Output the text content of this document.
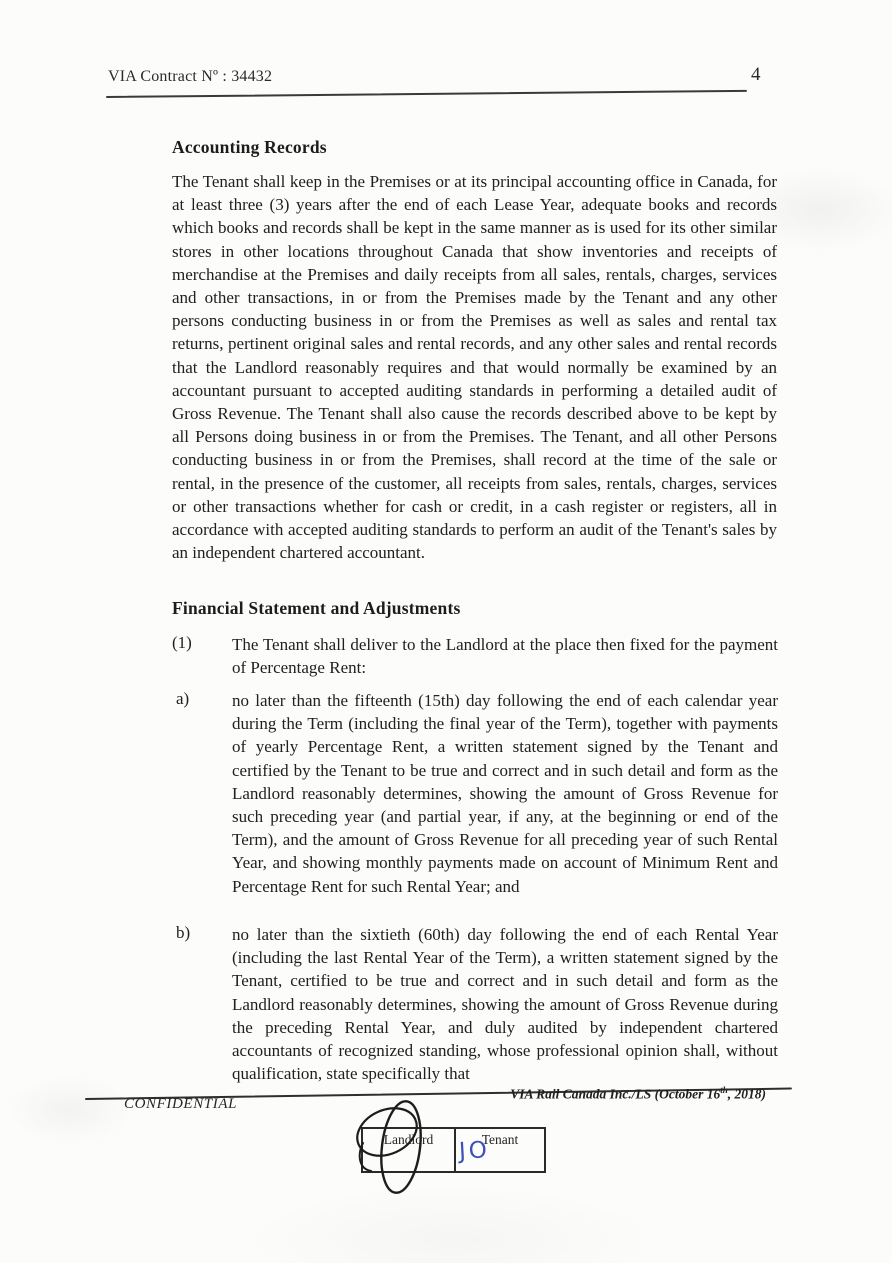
VIA Contract Nº : 34432	4
Accounting Records
The Tenant shall keep in the Premises or at its principal accounting office in Canada, for at least three (3) years after the end of each Lease Year, adequate books and records which books and records shall be kept in the same manner as is used for its other similar stores in other locations throughout Canada that show inventories and receipts of merchandise at the Premises and daily receipts from all sales, rentals, charges, services and other transactions, in or from the Premises made by the Tenant and any other persons conducting business in or from the Premises as well as sales and rental tax returns, pertinent original sales and rental records, and any other sales and rental records that the Landlord reasonably requires and that would normally be examined by an accountant pursuant to accepted auditing standards in performing a detailed audit of Gross Revenue. The Tenant shall also cause the records described above to be kept by all Persons doing business in or from the Premises. The Tenant, and all other Persons conducting business in or from the Premises, shall record at the time of the sale or rental, in the presence of the customer, all receipts from sales, rentals, charges, services or other transactions whether for cash or credit, in a cash register or registers, all in accordance with accepted auditing standards to perform an audit of the Tenant's sales by an independent chartered accountant.
Financial Statement and Adjustments
(1) The Tenant shall deliver to the Landlord at the place then fixed for the payment of Percentage Rent:
a)	no later than the fifteenth (15th) day following the end of each calendar year during the Term (including the final year of the Term), together with payments of yearly Percentage Rent, a written statement signed by the Tenant and certified by the Tenant to be true and correct and in such detail and form as the Landlord reasonably determines, showing the amount of Gross Revenue for such preceding year (and partial year, if any, at the beginning or end of the Term), and the amount of Gross Revenue for all preceding year of such Rental Year, and showing monthly payments made on account of Minimum Rent and Percentage Rent for such Rental Year; and
b) no later than the sixtieth (60th) day following the end of each Rental Year (including the last Rental Year of the Term), a written statement signed by the Tenant, certified to be true and correct and in such detail and form as the Landlord reasonably determines, showing the amount of Gross Revenue during the preceding Rental Year, and duly audited by independent chartered accountants of recognized standing, whose professional opinion shall, without qualification, state specifically that
CONFIDENTIAL
VIA Rail Canada Inc./LS (October 16th, 2018)
Landlord	Tenant
JO
